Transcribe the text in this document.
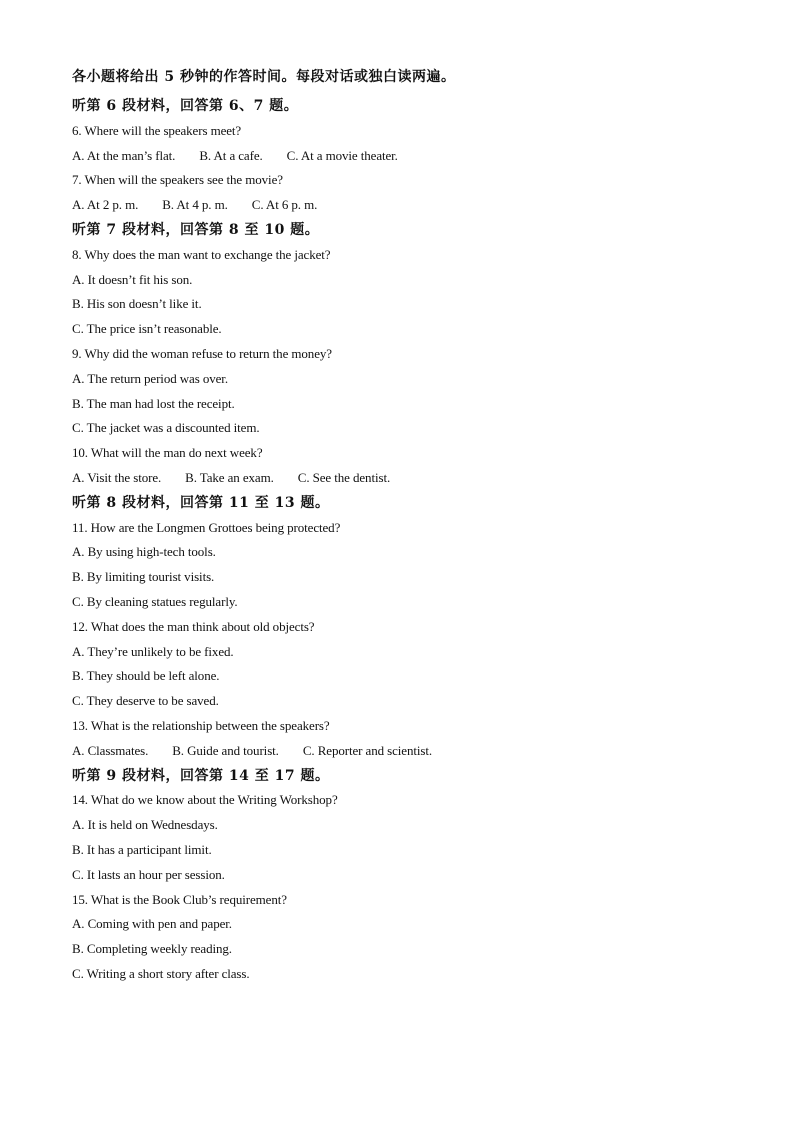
各小题将给出 5 秒钟的作答时间。每段对话或独白读两遍。
听第 6 段材料，回答第 6、7 题。
6. Where will the speakers meet?
A. At the man’s flat. B. At a cafe. C. At a movie theater.
7. When will the speakers see the movie?
A. At 2 p. m. B. At 4 p. m. C. At 6 p. m.
听第 7 段材料，回答第 8 至 10 题。
8. Why does the man want to exchange the jacket?
A. It doesn’t fit his son.
B. His son doesn’t like it.
C. The price isn’t reasonable.
9. Why did the woman refuse to return the money?
A. The return period was over.
B. The man had lost the receipt.
C. The jacket was a discounted item.
10. What will the man do next week?
A. Visit the store. B. Take an exam. C. See the dentist.
听第 8 段材料，回答第 11 至 13 题。
11. How are the Longmen Grottoes being protected?
A. By using high-tech tools.
B. By limiting tourist visits.
C. By cleaning statues regularly.
12. What does the man think about old objects?
A. They’re unlikely to be fixed.
B. They should be left alone.
C. They deserve to be saved.
13. What is the relationship between the speakers?
A. Classmates. B. Guide and tourist. C. Reporter and scientist.
听第 9 段材料，回答第 14 至 17 题。
14. What do we know about the Writing Workshop?
A. It is held on Wednesdays.
B. It has a participant limit.
C. It lasts an hour per session.
15. What is the Book Club’s requirement?
A. Coming with pen and paper.
B. Completing weekly reading.
C. Writing a short story after class.
